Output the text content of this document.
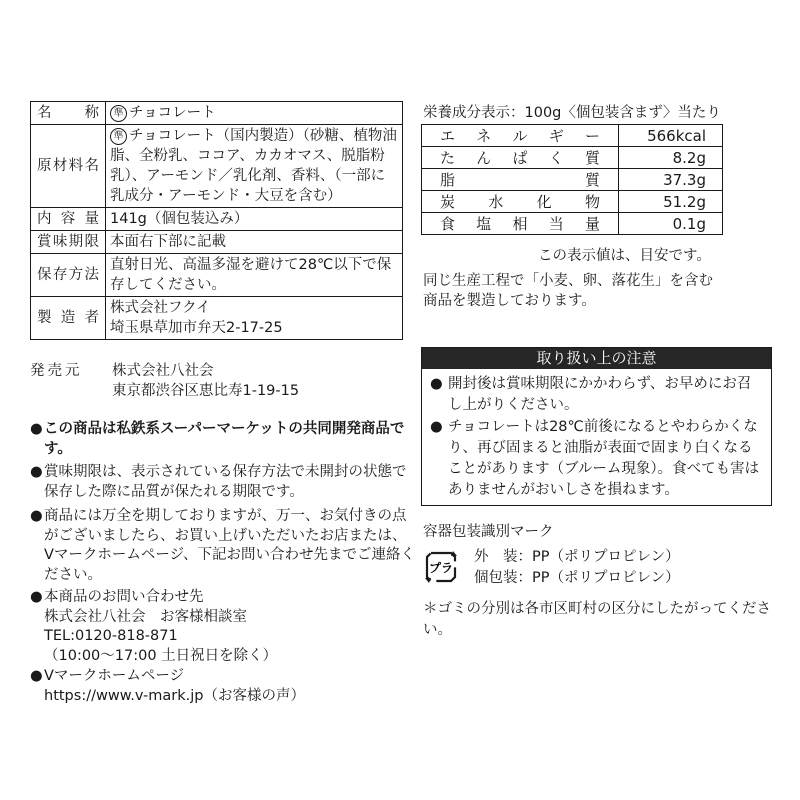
名　称	準 チョコレート
原材料名	準 チョコレート（国内製造）（砂糖、植物油脂、全粉乳、ココア、カカオマス、脱脂粉乳）、アーモンド／乳化剤、香料、（一部に乳成分・アーモンド・大豆を含む）
内容量	141g（個包装込み）
賞味期限	本面右下部に記載
保存方法	直射日光、高温多湿を避けて28℃以下で保存してください。
製造者	株式会社フクイ
埼玉県草加市弁天2-17-25
栄養成分表示：100g〈個包装含まず〉当たり
エネルギー	566kcal
たんぱく質	8.2g
脂質	37.3g
炭水化物	51.2g
食塩相当量	0.1g
この表示値は、目安です。
同じ生産工程で「小麦、卵、落花生」を含む商品を製造しております。
発売元	株式会社八社会
東京都渋谷区恵比寿1-19-15
● この商品は私鉄系スーパーマーケットの共同開発商品です。
● 賞味期限は、表示されている保存方法で未開封の状態で保存した際に品質が保たれる期限です。
● 商品には万全を期しておりますが、万一、お気付きの点がございましたら、お買い上げいただいたお店または、Vマークホームページ、下記お問い合わせ先までご連絡ください。
● 本商品のお問い合わせ先
株式会社八社会　お客様相談室
TEL:0120-818-871
（10:00〜17:00 土日祝日を除く）
● Vマークホームページ
https://www.v-mark.jp（お客様の声）
取り扱い上の注意
● 開封後は賞味期限にかかわらず、お早めにお召し上がりください。
● チョコレートは28℃前後になるとやわらかくなり、再び固まると油脂が表面で固まり白くなることがあります（ブルーム現象）。食べても害はありませんがおいしさを損ねます。
容器包装識別マーク
プラ
外　装：PP（ポリプロピレン）
個包装：PP（ポリプロピレン）
＊ゴミの分別は各市区町村の区分にしたがってください。
